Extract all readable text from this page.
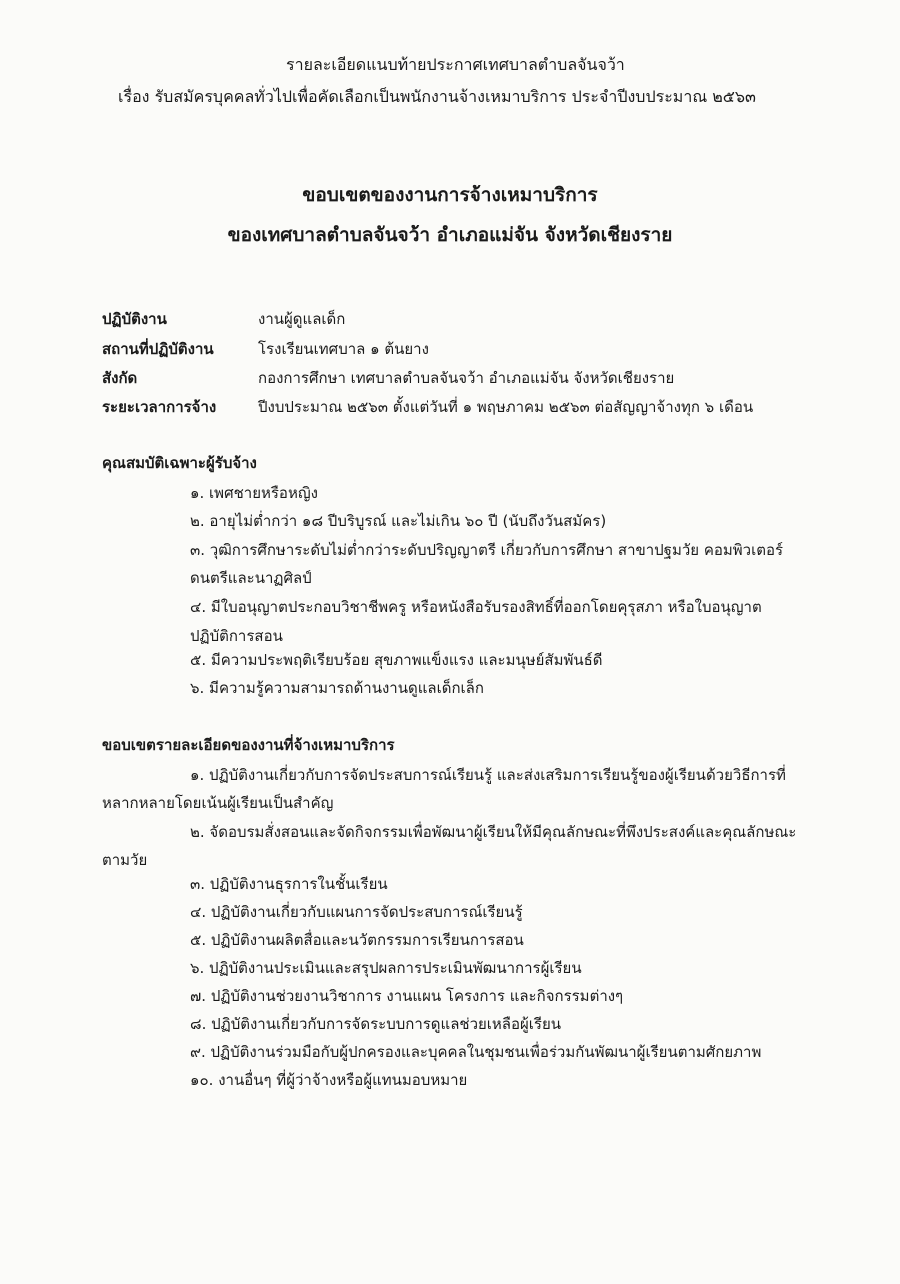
รายละเอียดแนบท้ายประกาศเทศบาลตำบลจันจว้า
เรื่อง รับสมัครบุคคลทั่วไปเพื่อคัดเลือกเป็นพนักงานจ้างเหมาบริการ ประจำปีงบประมาณ ๒๕๖๓
ขอบเขตของงานการจ้างเหมาบริการ
ของเทศบาลตำบลจันจว้า อำเภอแม่จัน จังหวัดเชียงราย
ปฏิบัติงาน	งานผู้ดูแลเด็ก
สถานที่ปฏิบัติงาน	โรงเรียนเทศบาล ๑ ต้นยาง
สังกัด	กองการศึกษา เทศบาลตำบลจันจว้า อำเภอแม่จัน จังหวัดเชียงราย
ระยะเวลาการจ้าง	ปีงบประมาณ ๒๕๖๓ ตั้งแต่วันที่ ๑ พฤษภาคม ๒๕๖๓ ต่อสัญญาจ้างทุก ๖ เดือน
คุณสมบัติเฉพาะผู้รับจ้าง
๑. เพศชายหรือหญิง
๒. อายุไม่ต่ำกว่า ๑๘ ปีบริบูรณ์ และไม่เกิน ๖๐ ปี (นับถึงวันสมัคร)
๓. วุฒิการศึกษาระดับไม่ต่ำกว่าระดับปริญญาตรี เกี่ยวกับการศึกษา สาขาปฐมวัย คอมพิวเตอร์
ดนตรีและนาฏศิลป์
๔. มีใบอนุญาตประกอบวิชาชีพครู หรือหนังสือรับรองสิทธิ์ที่ออกโดยคุรุสภา หรือใบอนุญาต
ปฏิบัติการสอน
๕. มีความประพฤติเรียบร้อย สุขภาพแข็งแรง และมนุษย์สัมพันธ์ดี
๖. มีความรู้ความสามารถด้านงานดูแลเด็กเล็ก
ขอบเขตรายละเอียดของงานที่จ้างเหมาบริการ
๑. ปฏิบัติงานเกี่ยวกับการจัดประสบการณ์เรียนรู้ และส่งเสริมการเรียนรู้ของผู้เรียนด้วยวิธีการที่
หลากหลายโดยเน้นผู้เรียนเป็นสำคัญ
๒. จัดอบรมสั่งสอนและจัดกิจกรรมเพื่อพัฒนาผู้เรียนให้มีคุณลักษณะที่พึงประสงค์และคุณลักษณะ
ตามวัย
๓. ปฏิบัติงานธุรการในชั้นเรียน
๔. ปฏิบัติงานเกี่ยวกับแผนการจัดประสบการณ์เรียนรู้
๕. ปฏิบัติงานผลิตสื่อและนวัตกรรมการเรียนการสอน
๖. ปฏิบัติงานประเมินและสรุปผลการประเมินพัฒนาการผู้เรียน
๗. ปฏิบัติงานช่วยงานวิชาการ งานแผน โครงการ และกิจกรรมต่างๆ
๘. ปฏิบัติงานเกี่ยวกับการจัดระบบการดูแลช่วยเหลือผู้เรียน
๙. ปฏิบัติงานร่วมมือกับผู้ปกครองและบุคคลในชุมชนเพื่อร่วมกันพัฒนาผู้เรียนตามศักยภาพ
๑๐. งานอื่นๆ ที่ผู้ว่าจ้างหรือผู้แทนมอบหมาย
